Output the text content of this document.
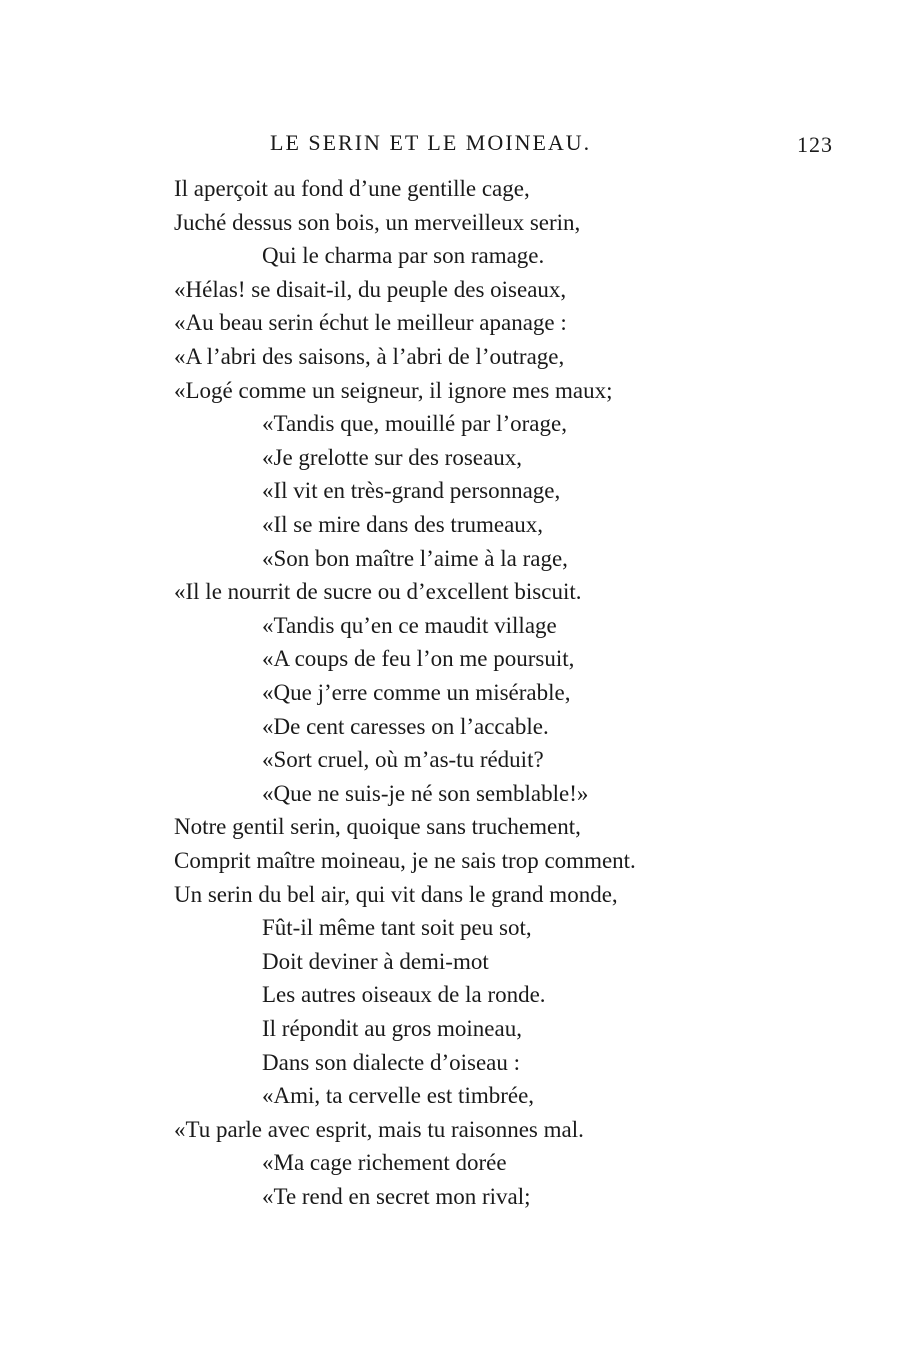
LE SERIN ET LE MOINEAU.	123
Il aperçoit au fond d’une gentille cage,
Juché dessus son bois, un merveilleux serin,
Qui le charma par son ramage.
«Hélas! se disait-il, du peuple des oiseaux,
«Au beau serin échut le meilleur apanage :
«A l’abri des saisons, à l’abri de l’outrage,
«Logé comme un seigneur, il ignore mes maux;
«Tandis que, mouillé par l’orage,
«Je grelotte sur des roseaux,
«Il vit en très-grand personnage,
«Il se mire dans des trumeaux,
«Son bon maître l’aime à la rage,
«Il le nourrit de sucre ou d’excellent biscuit.
«Tandis qu’en ce maudit village
«A coups de feu l’on me poursuit,
«Que j’erre comme un misérable,
«De cent caresses on l’accable.
«Sort cruel, où m’as-tu réduit?
«Que ne suis-je né son semblable!»
Notre gentil serin, quoique sans truchement,
Comprit maître moineau, je ne sais trop comment.
Un serin du bel air, qui vit dans le grand monde,
Fût-il même tant soit peu sot,
Doit deviner à demi-mot
Les autres oiseaux de la ronde.
Il répondit au gros moineau,
Dans son dialecte d’oiseau :
«Ami, ta cervelle est timbrée,
«Tu parle avec esprit, mais tu raisonnes mal.
«Ma cage richement dorée
«Te rend en secret mon rival;
